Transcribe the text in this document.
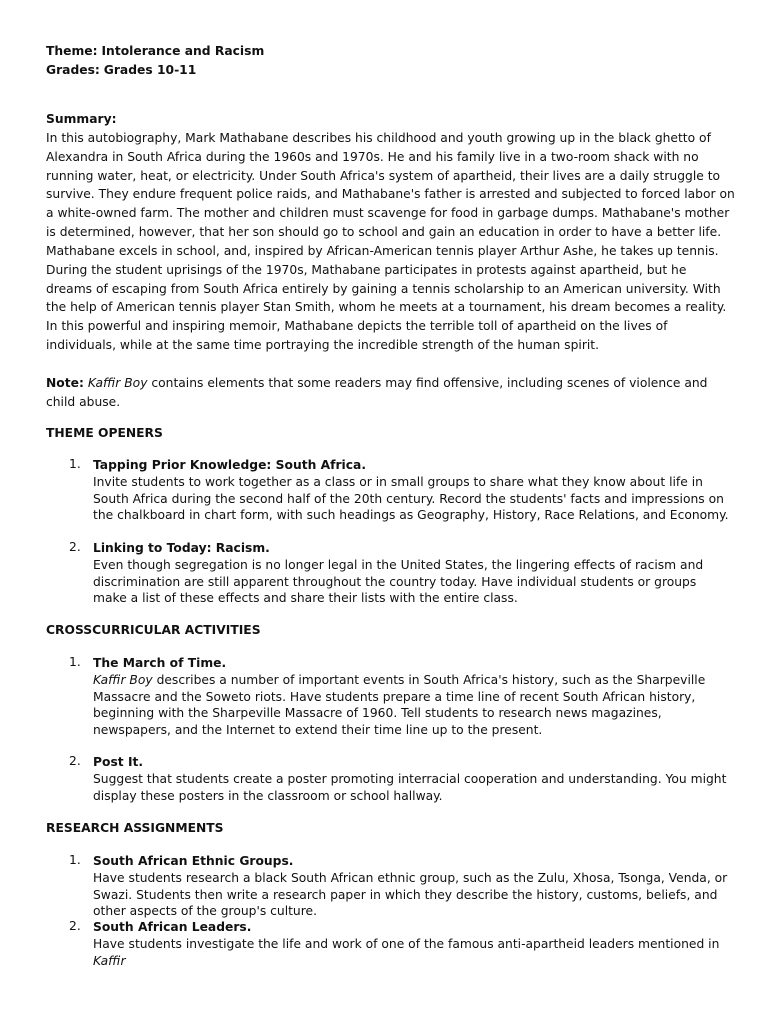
Theme: Intolerance and Racism

Grades: Grades 10-11

Summary:

In this autobiography, Mark Mathabane describes his childhood and youth growing up in the black ghetto of Alexandra in South Africa during the 1960s and 1970s. He and his family live in a two-room shack with no running water, heat, or electricity. Under South Africa's system of apartheid, their lives are a daily struggle to survive. They endure frequent police raids, and Mathabane's father is arrested and subjected to forced labor on a white-owned farm. The mother and children must scavenge for food in garbage dumps. Mathabane's mother is determined, however, that her son should go to school and gain an education in order to have a better life. Mathabane excels in school, and, inspired by African-American tennis player Arthur Ashe, he takes up tennis. During the student uprisings of the 1970s, Mathabane participates in protests against apartheid, but he dreams of escaping from South Africa entirely by gaining a tennis scholarship to an American university. With the help of American tennis player Stan Smith, whom he meets at a tournament, his dream becomes a reality. In this powerful and inspiring memoir, Mathabane depicts the terrible toll of apartheid on the lives of individuals, while at the same time portraying the incredible strength of the human spirit.

Note: Kaffir Boy contains elements that some readers may find offensive, including scenes of violence and child abuse.

THEME OPENERS

1. Tapping Prior Knowledge: South Africa.
Invite students to work together as a class or in small groups to share what they know about life in South Africa during the second half of the 20th century. Record the students' facts and impressions on the chalkboard in chart form, with such headings as Geography, History, Race Relations, and Economy.
2. Linking to Today: Racism.
Even though segregation is no longer legal in the United States, the lingering effects of racism and discrimination are still apparent throughout the country today. Have individual students or groups make a list of these effects and share their lists with the entire class.

CROSSCURRICULAR ACTIVITIES

1. The March of Time.
Kaffir Boy describes a number of important events in South Africa's history, such as the Sharpeville Massacre and the Soweto riots. Have students prepare a time line of recent South African history, beginning with the Sharpeville Massacre of 1960. Tell students to research news magazines, newspapers, and the Internet to extend their time line up to the present.
2. Post It.
Suggest that students create a poster promoting interracial cooperation and understanding. You might display these posters in the classroom or school hallway.

RESEARCH ASSIGNMENTS

1. South African Ethnic Groups.
Have students research a black South African ethnic group, such as the Zulu, Xhosa, Tsonga, Venda, or Swazi. Students then write a research paper in which they describe the history, customs, beliefs, and other aspects of the group's culture.
2. South African Leaders.
Have students investigate the life and work of one of the famous anti-apartheid leaders mentioned in Kaffir
